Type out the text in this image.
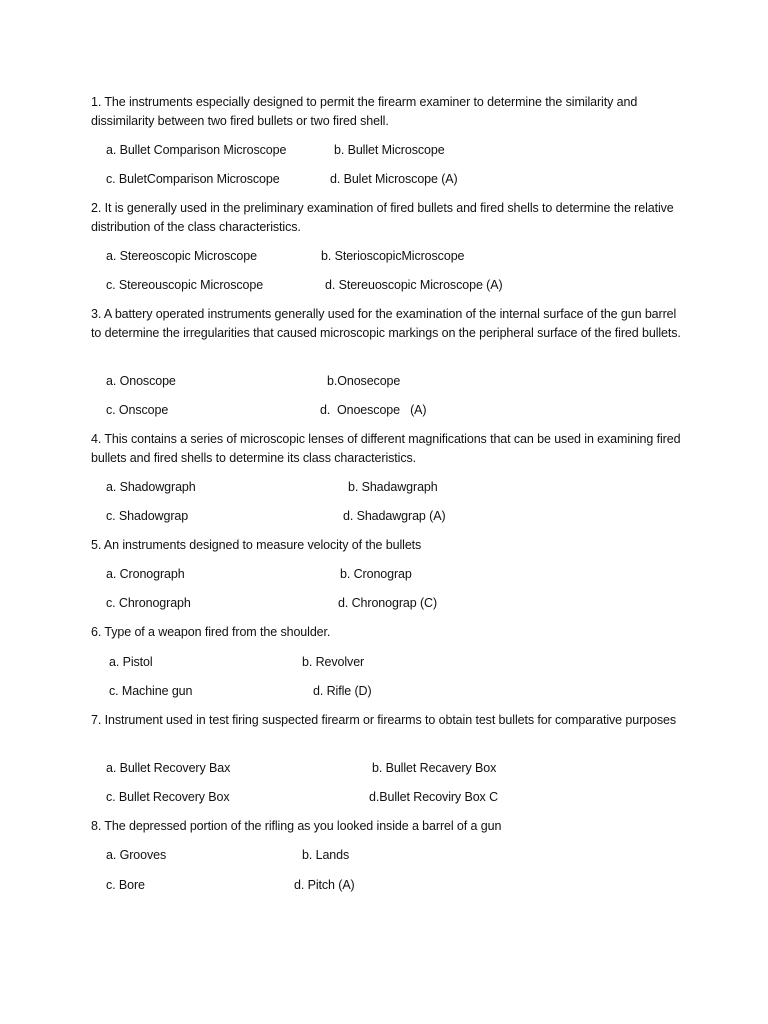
1. The instruments especially designed to permit the firearm examiner to determine the similarity and dissimilarity between two fired bullets or two fired shell.
a. Bullet Comparison Microscope	b. Bullet Microscope
c. BuletComparison Microscope	d. Bulet Microscope (A)
2. It is generally used in the preliminary examination of fired bullets and fired shells to determine the relative distribution of the class characteristics.
a. Stereoscopic Microscope	b. SterioscopicMicroscope
c. Stereouscopic Microscope	d. Stereuoscopic Microscope (A)
3. A battery operated instruments generally used for the examination of the internal surface of the gun barrel to determine the irregularities that caused microscopic markings on the peripheral surface of the fired bullets.
a. Onoscope	b.Onosecope
c. Onscope	d.  Onoescope   (A)
4. This contains a series of microscopic lenses of different magnifications that can be used in examining fired bullets and fired shells to determine its class characteristics.
a. Shadowgraph	b. Shadawgraph
c. Shadowgrap	d. Shadawgrap (A)
5. An instruments designed to measure velocity of the bullets
a. Cronograph	b. Cronograp
c. Chronograph	d. Chronograp (C)
6. Type of a weapon fired from the shoulder.
a. Pistol	b. Revolver
c. Machine gun	d. Rifle (D)
7. Instrument used in test firing suspected firearm or firearms to obtain test bullets for comparative purposes
a. Bullet Recovery Bax	b. Bullet Recavery Box
c. Bullet Recovery Box	d.Bullet Recoviry Box C
8. The depressed portion of the rifling as you looked inside a barrel of a gun
a. Grooves	b. Lands
c. Bore	d. Pitch (A)
